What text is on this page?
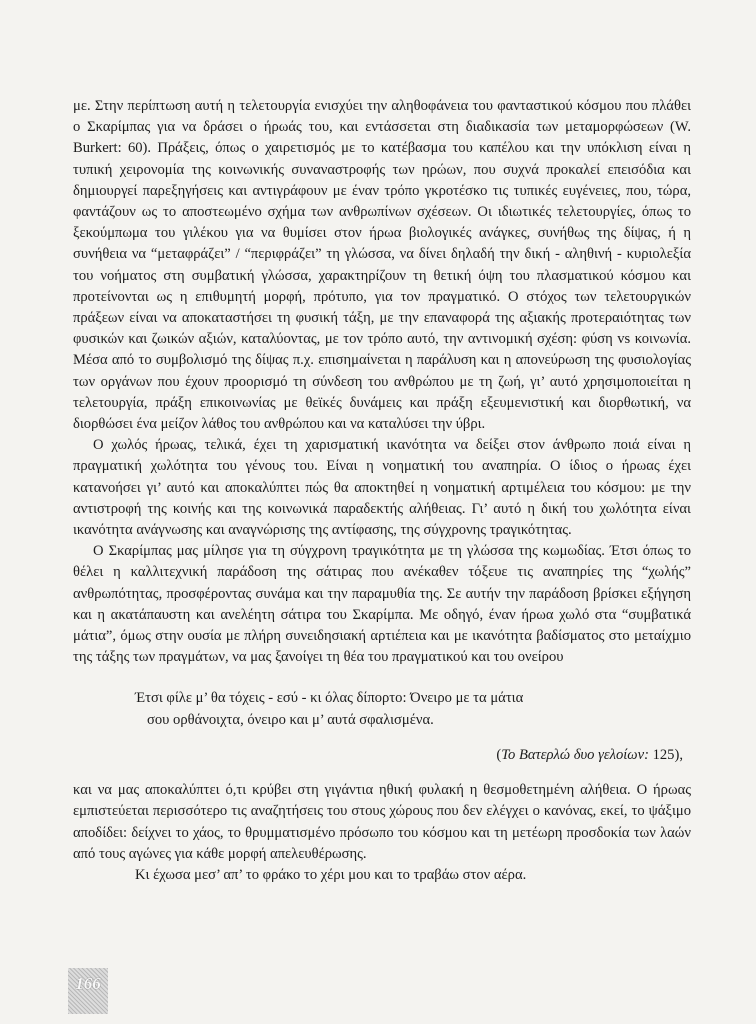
με. Στην περίπτωση αυτή η τελετουργία ενισχύει την αληθοφάνεια του φανταστικού κόσμου που πλάθει ο Σκαρίμπας για να δράσει ο ήρωάς του, και εντάσσεται στη διαδικασία των μεταμορφώσεων (W. Burkert: 60). Πράξεις, όπως ο χαιρετισμός με το κατέβασμα του καπέλου και την υπόκλιση είναι η τυπική χειρονομία της κοινωνικής συναναστροφής των ηρώων, που συχνά προκαλεί επεισόδια και δημιουργεί παρεξηγήσεις και αντιγράφουν με έναν τρόπο γκροτέσκο τις τυπικές ευγένειες, που, τώρα, φαντάζουν ως το αποστεωμένο σχήμα των ανθρωπίνων σχέσεων. Οι ιδιωτικές τελετουργίες, όπως το ξεκούμπωμα του γιλέκου για να θυμίσει στον ήρωα βιολογικές ανάγκες, συνήθως της δίψας, ή η συνήθεια να “μεταφράζει” / “περιφράζει” τη γλώσσα, να δίνει δηλαδή την δική - αληθινή - κυριολεξία του νοήματος στη συμβατική γλώσσα, χαρακτηρίζουν τη θετική όψη του πλασματικού κόσμου και προτείνονται ως η επιθυμητή μορφή, πρότυπο, για τον πραγματικό. Ο στόχος των τελετουργικών πράξεων είναι να αποκαταστήσει τη φυσική τάξη, με την επαναφορά της αξιακής προτεραιότητας των φυσικών και ζωικών αξιών, καταλύοντας, με τον τρόπο αυτό, την αντινομική σχέση: φύση vs κοινωνία. Μέσα από το συμβολισμό της δίψας π.χ. επισημαίνεται η παράλυση και η απονεύρωση της φυσιολογίας των οργάνων που έχουν προορισμό τη σύνδεση του ανθρώπου με τη ζωή, γι’ αυτό χρησιμοποιείται η τελετουργία, πράξη επικοινωνίας με θεϊκές δυνάμεις και πράξη εξευμενιστική και διορθωτική, να διορθώσει ένα μείζον λάθος του ανθρώπου και να καταλύσει την ύβρι.

Ο χωλός ήρωας, τελικά, έχει τη χαρισματική ικανότητα να δείξει στον άνθρωπο ποιά είναι η πραγματική χωλότητα του γένους του. Είναι η νοηματική του αναπηρία. Ο ίδιος ο ήρωας έχει κατανοήσει γι’ αυτό και αποκαλύπτει πώς θα αποκτηθεί η νοηματική αρτιμέλεια του κόσμου: με την αντιστροφή της κοινής και της κοινωνικά παραδεκτής αλήθειας. Γι’ αυτό η δική του χωλότητα είναι ικανότητα ανάγνωσης και αναγνώρισης της αντίφασης, της σύγχρονης τραγικότητας.

Ο Σκαρίμπας μας μίλησε για τη σύγχρονη τραγικότητα με τη γλώσσα της κωμωδίας. Έτσι όπως το θέλει η καλλιτεχνική παράδοση της σάτιρας που ανέκαθεν τόξευε τις αναπηρίες της “χωλής” ανθρωπότητας, προσφέροντας συνάμα και την παραμυθία της. Σε αυτήν την παράδοση βρίσκει εξήγηση και η ακατάπαυστη και ανελέητη σάτιρα του Σκαρίμπα. Με οδηγό, έναν ήρωα χωλό στα “συμβατικά μάτια”, όμως στην ουσία με πλήρη συνειδησιακή αρτιέπεια και με ικανότητα βαδίσματος στο μεταίχμιο της τάξης των πραγμάτων, να μας ξανοίγει τη θέα του πραγματικού και του ονείρου

Έτσι φίλε μ’ θα τόχεις - εσύ - κι όλας δίπορτο: Όνειρο με τα μάτια

σου ορθάνοιχτα, όνειρο και μ’ αυτά σφαλισμένα.

(Το Βατερλώ δυο γελοίων: 125),

και να μας αποκαλύπτει ό,τι κρύβει στη γιγάντια ηθική φυλακή η θεσμοθετημένη αλήθεια. Ο ήρωας εμπιστεύεται περισσότερο τις αναζητήσεις του στους χώρους που δεν ελέγχει ο κανόνας, εκεί, το ψάξιμο αποδίδει: δείχνει το χάος, το θρυμματισμένο πρόσωπο του κόσμου και τη μετέωρη προσδοκία των λαών από τους αγώνες για κάθε μορφή απελευθέρωσης.

Κι έχωσα μεσ’ απ’ το φράκο το χέρι μου και το τραβάω στον αέρα.

166
